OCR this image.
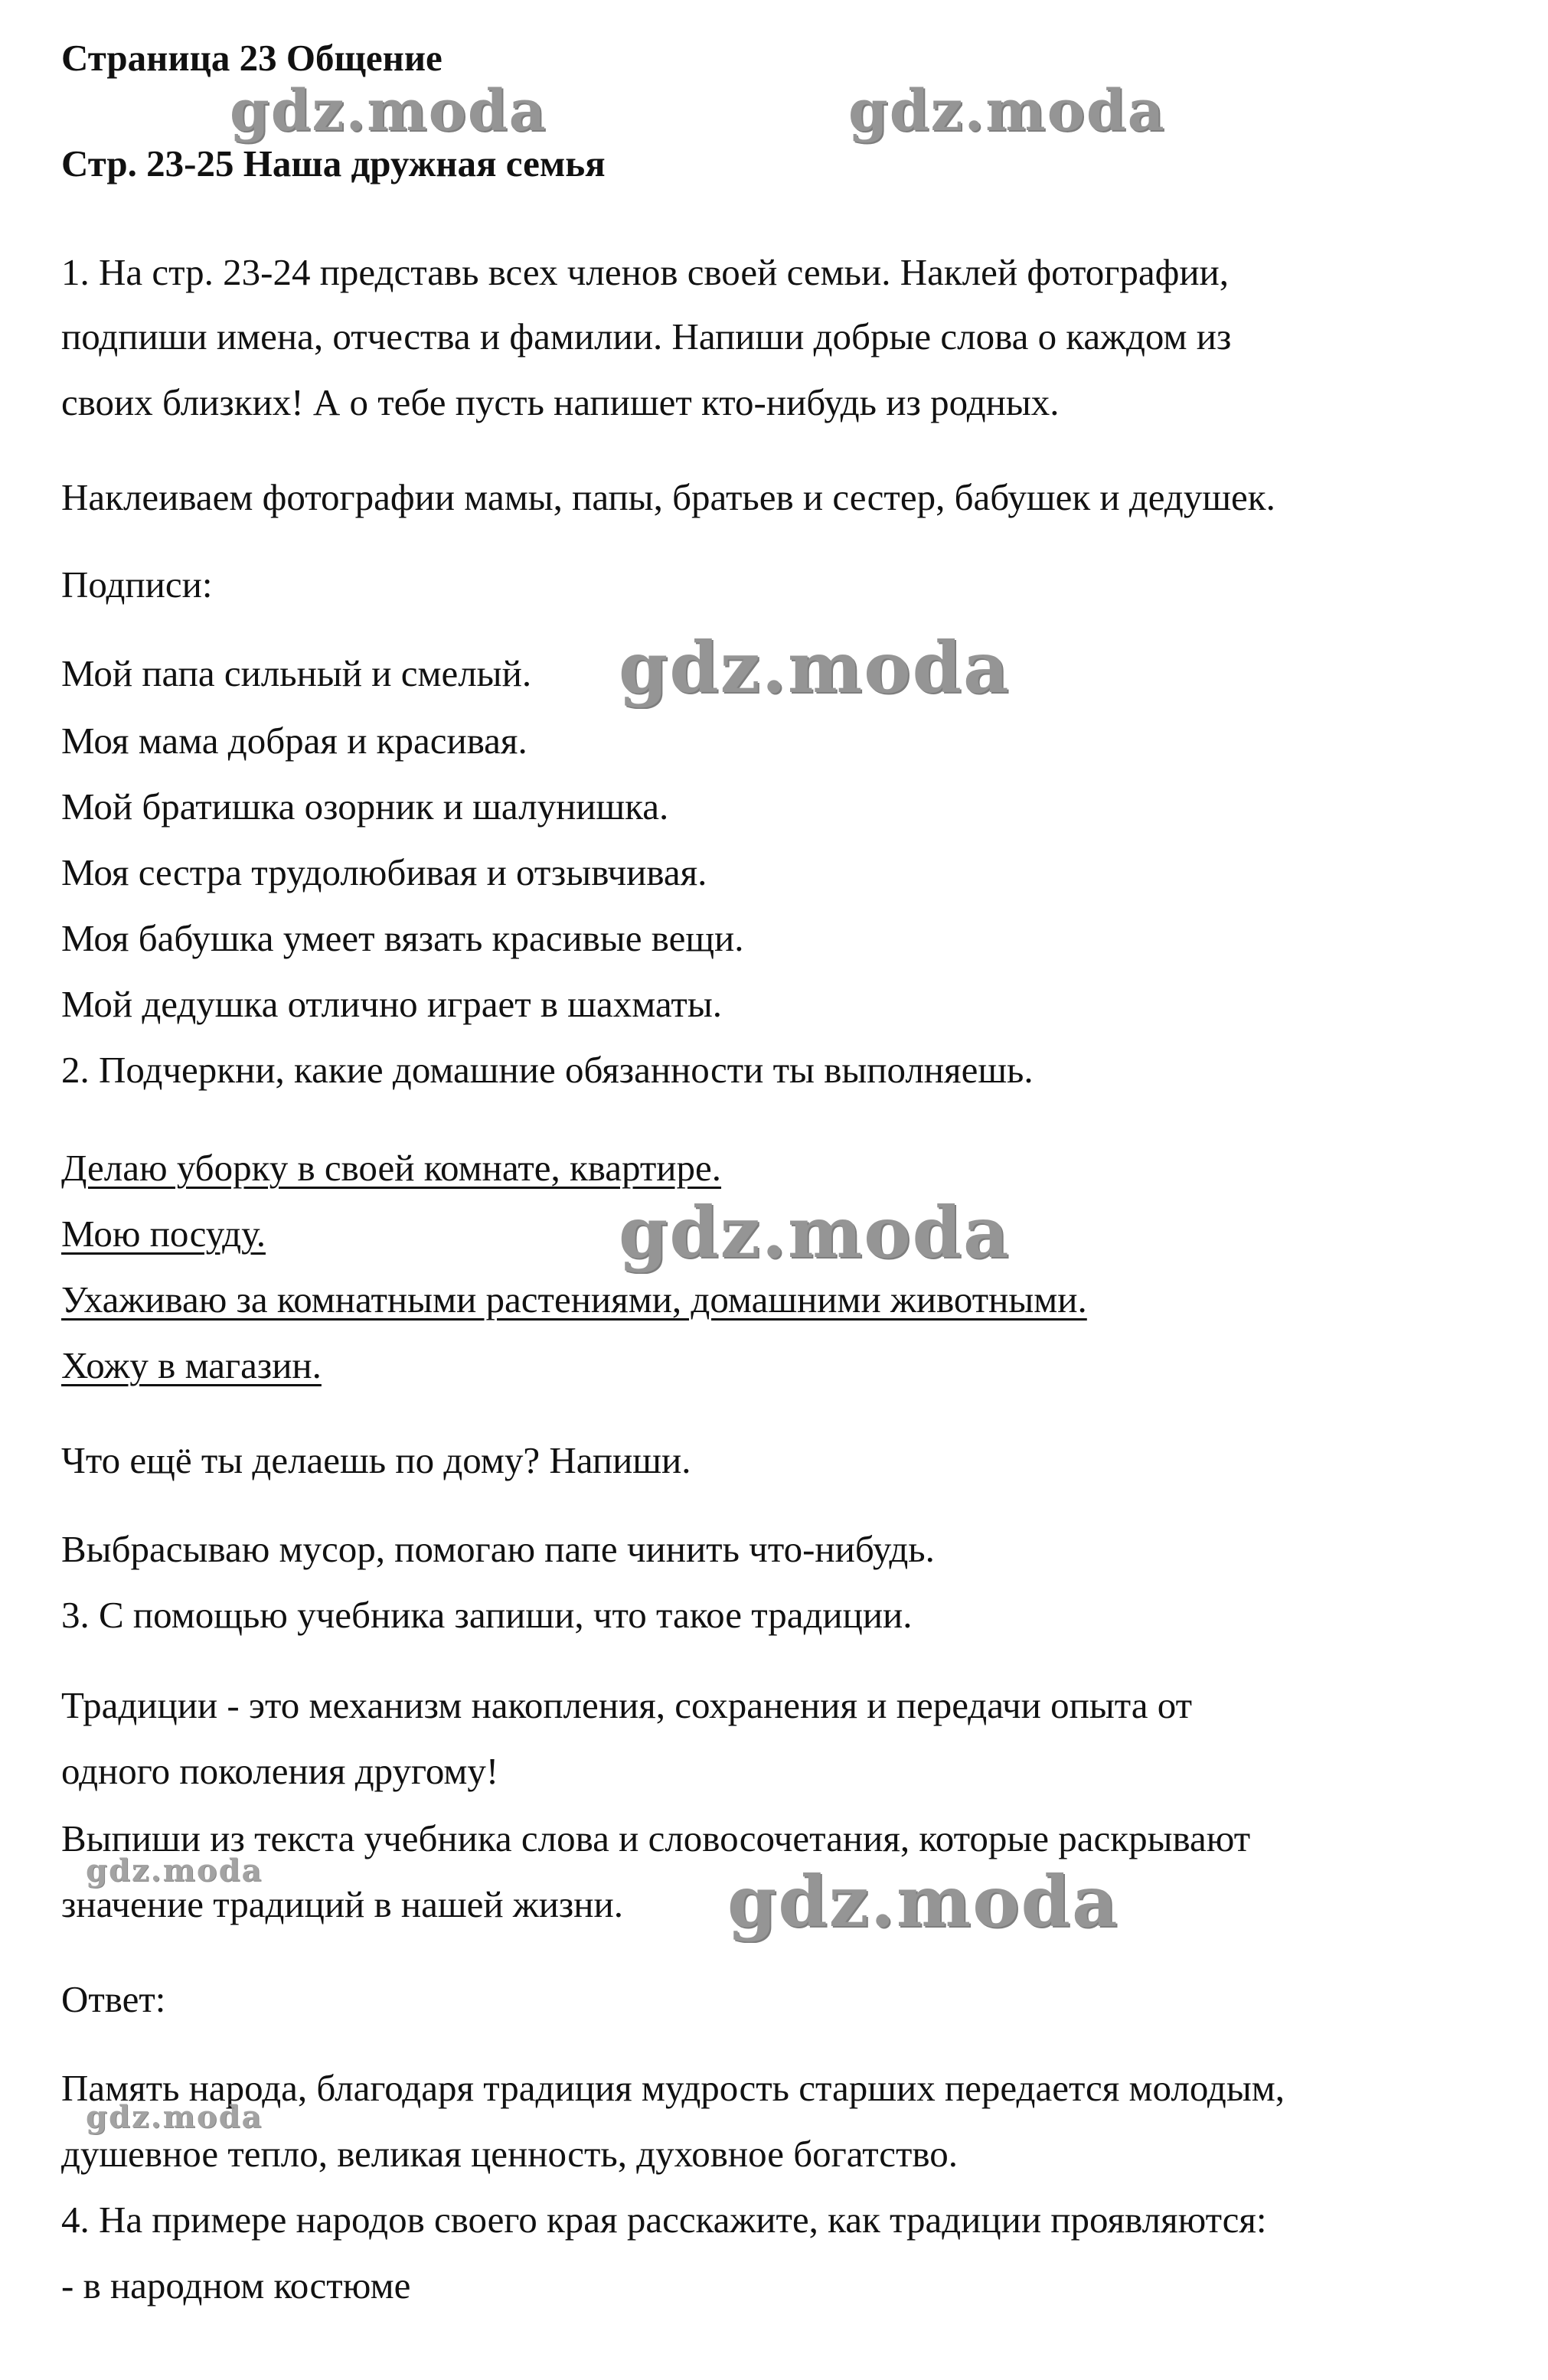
Страница 23 Общение
Стр. 23-25 Наша дружная семья

1. На стр. 23-24 представь всех членов своей семьи. Наклей фотографии,

подпиши имена, отчества и фамилии. Напиши добрые слова о каждом из

своих близких! А о тебе пусть напишет кто-нибудь из родных.

Наклеиваем фотографии мамы, папы, братьев и сестер, бабушек и дедушек.

Подписи:

Мой папа сильный и смелый.

Моя мама добрая и красивая.

Мой братишка озорник и шалунишка.

Моя сестра трудолюбивая и отзывчивая.

Моя бабушка умеет вязать красивые вещи.

Мой дедушка отлично играет в шахматы.

2. Подчеркни, какие домашние обязанности ты выполняешь.

Делаю уборку в своей комнате, квартире.

Мою посуду.

Ухаживаю за комнатными растениями, домашними животными.

Хожу в магазин.

Что ещё ты делаешь по дому? Напиши.

Выбрасываю мусор, помогаю папе чинить что-нибудь.

3. С помощью учебника запиши, что такое традиции.

Традиции - это механизм накопления, сохранения и передачи опыта от

одного поколения другому!

Выпиши из текста учебника слова и словосочетания, которые раскрывают

значение традиций в нашей жизни.

Ответ:

Память народа, благодаря традиция мудрость старших передается молодым,

душевное тепло, великая ценность, духовное богатство.

4. На примере народов своего края расскажите, как традиции проявляются:

- в народном костюме

gdz.moda	gdz.moda
gdz.moda
gdz.moda
gdz.moda
gdz.moda
gdz.moda
